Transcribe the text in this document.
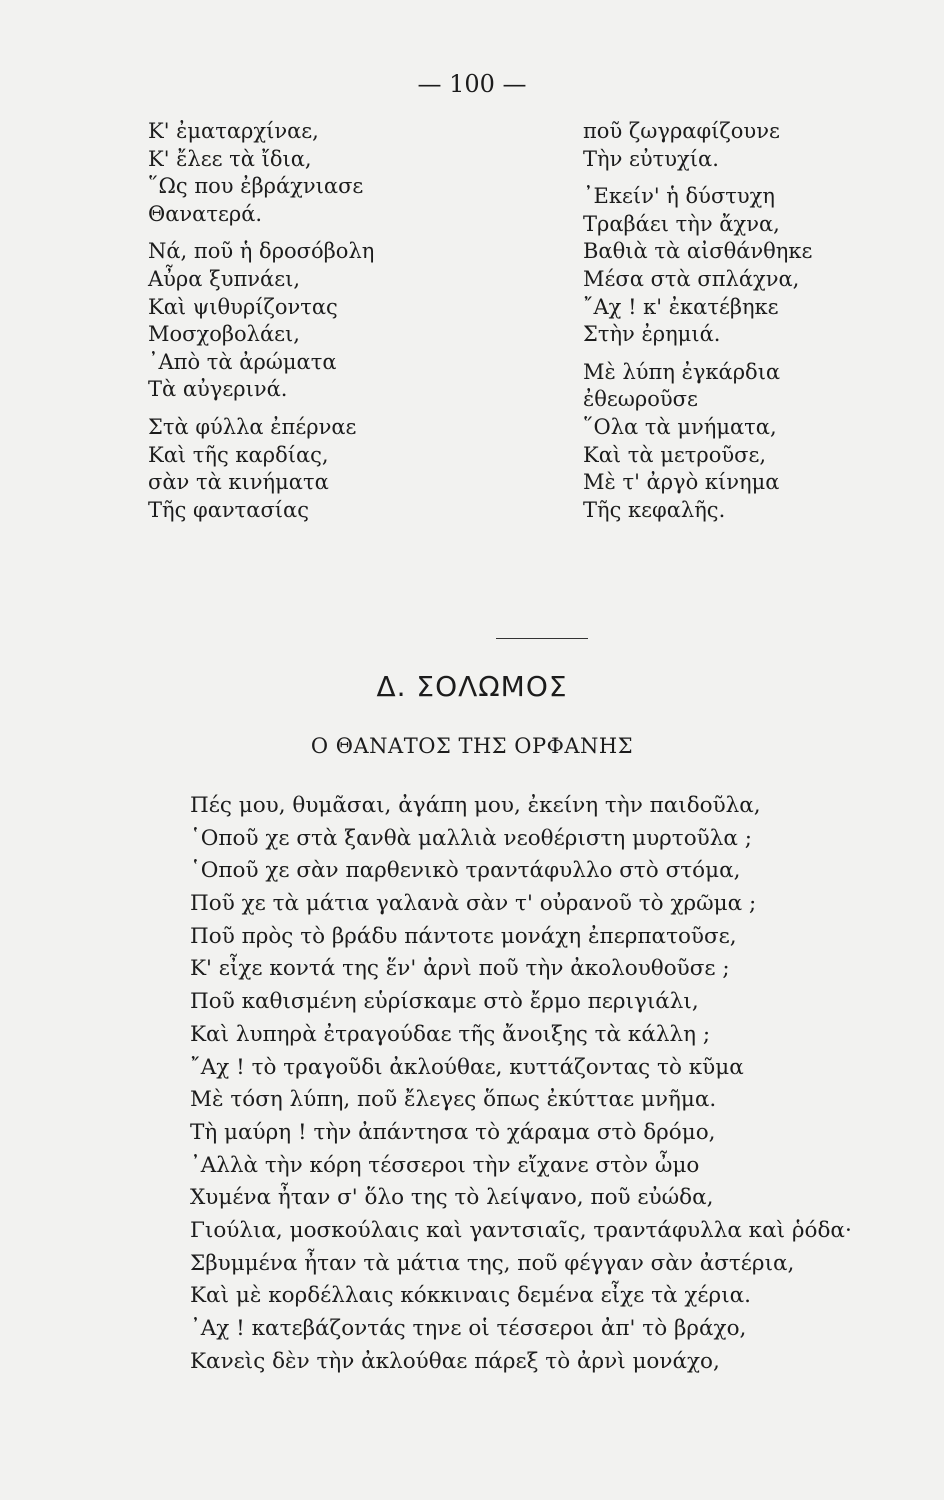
— 100 —
Κ' ἐματαρχίναε,
Κ' ἔλεε τὰ ἴδια,
῞Ως που ἐβράχνιασε
Θανατερά.
Νά, ποῦ ἡ δροσόβολη
Αὖρα ξυπνάει,
Καὶ ψιθυρίζοντας
Μοσχοβολάει,
᾿Απὸ τὰ ἀρώματα
Τὰ αὐγερινά.
Στὰ φύλλα ἐπέρναε
Καὶ τῆς καρδίας,
σὰν τὰ κινήματα
Τῆς φαντασίας
ποῦ ζωγραφίζουνε
Τὴν εὐτυχία.
᾿Εκείν' ἡ δύστυχη
Τραβάει τὴν ἄχνα,
Βαθιὰ τὰ αἰσθάνθηκε
Μέσα στὰ σπλάχνα,
῎Αχ ! κ' ἐκατέβηκε
Στὴν ἐρημιά.
Μὲ λύπη ἐγκάρδια
ἐθεωροῦσε
῞Ολα τὰ μνήματα,
Καὶ τὰ μετροῦσε,
Μὲ τ' ἀργὸ κίνημα
Τῆς κεφαλῆς.
Δ. ΣΟΛΩΜΟΣ
Ο ΘΑΝΑΤΟΣ ΤΗΣ ΟΡΦΑΝΗΣ
Πές μου, θυμᾶσαι, ἀγάπη μου, ἐκείνη τὴν παιδοῦλα,
῾Οποῦ χε στὰ ξανθὰ μαλλιὰ νεοθέριστη μυρτοῦλα ;
῾Οποῦ χε σὰν παρθενικὸ τραντάφυλλο στὸ στόμα,
Ποῦ χε τὰ μάτια γαλανὰ σὰν τ' οὐρανοῦ τὸ χρῶμα ;
Ποῦ πρὸς τὸ βράδυ πάντοτε μονάχη ἐπερπατοῦσε,
Κ' εἶχε κοντά της ἕν' ἀρνὶ ποῦ τὴν ἀκολουθοῦσε ;
Ποῦ καθισμένη εὑρίσκαμε στὸ ἔρμο περιγιάλι,
Καὶ λυπηρὰ ἐτραγούδαε τῆς ἄνοιξης τὰ κάλλη ;
῎Αχ ! τὸ τραγοῦδι ἀκλούθαε, κυττάζοντας τὸ κῦμα
Μὲ τόση λύπη, ποῦ ἔλεγες ὅπως ἐκύτταε μνῆμα.
Τὴ μαύρη ! τὴν ἀπάντησα τὸ χάραμα στὸ δρόμο,
᾿Αλλὰ τὴν κόρη τέσσεροι τὴν εἴχανε στὸν ὦμο
Χυμένα ἦταν σ' ὅλο της τὸ λείψανο, ποῦ εὐώδα,
Γιούλια, μοσκούλαις καὶ γαντσιαῖς, τραντάφυλλα καὶ ῥόδα·
Σβυμμένα ἦταν τὰ μάτια της, ποῦ φέγγαν σὰν ἀστέρια,
Καὶ μὲ κορδέλλαις κόκκιναις δεμένα εἶχε τὰ χέρια.
᾿Αχ ! κατεβάζοντάς τηνε οἱ τέσσεροι ἀπ' τὸ βράχο,
Κανεὶς δὲν τὴν ἀκλούθαε πάρεξ τὸ ἀρνὶ μονάχο,
